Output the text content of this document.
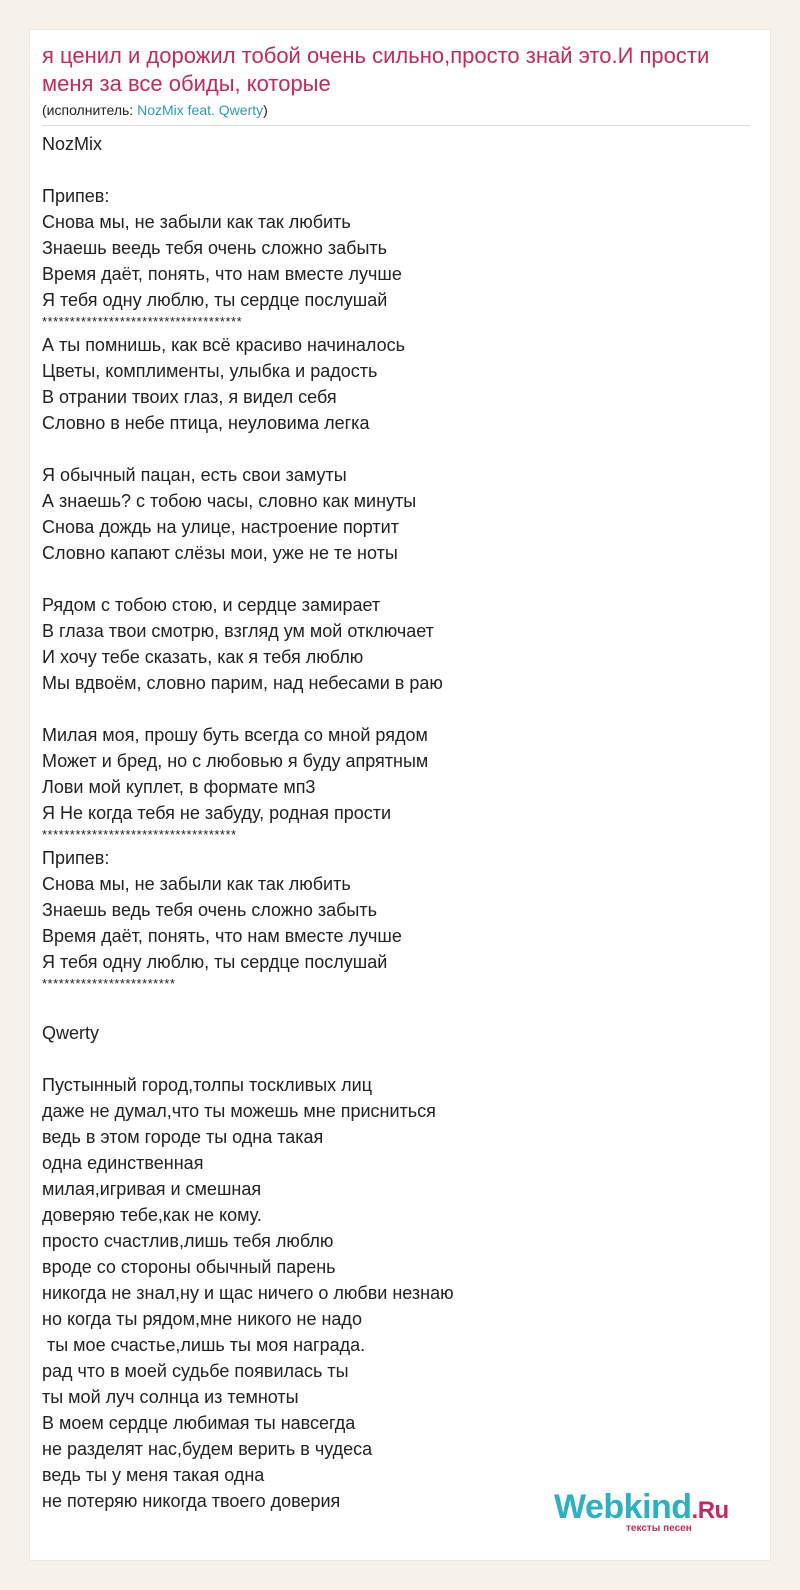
я ценил и дорожил тобой очень сильно,просто знай это.И прости меня за все обиды, которые
(исполнитель: NozMix feat. Qwerty)
NozMix
Припев:
Снова мы, не забыли как так любить
Знаешь веедь тебя очень сложно забыть
Время даёт, понять, что нам вместе лучше
Я тебя одну люблю, ты сердце послушай
************************************
А ты помнишь, как всё красиво начиналось
Цветы, комплименты, улыбка и радость
В отрании твоих глаз, я видел себя
Словно в небе птица, неуловима легка
Я обычный пацан, есть свои замуты
А знаешь? с тобою часы, словно как минуты
Снова дождь на улице, настроение портит
Словно капают слёзы мои, уже не те ноты
Рядом с тобою стою, и сердце замирает
В глаза твои смотрю, взгляд ум мой отключает
И хочу тебе сказать, как я тебя люблю
Мы вдвоём, словно парим, над небесами в раю
Милая моя, прошу буть всегда со мной рядом
Может и бред, но с любовью я буду апрятным
Лови мой куплет, в формате мп3
Я Не когда тебя не забуду, родная прости
***********************************
Припев:
Снова мы, не забыли как так любить
Знаешь ведь тебя очень сложно забыть
Время даёт, понять, что нам вместе лучше
Я тебя одну люблю, ты сердце послушай
************************
Qwerty
Пустынный город,толпы тоскливых лиц
даже не думал,что ты можешь мне присниться
ведь в этом городе ты одна такая
одна единственная
милая,игривая и смешная
доверяю тебе,как не кому.
просто счастлив,лишь тебя люблю
вроде со стороны обычный парень
никогда не знал,ну и щас ничего о любви незнаю
но когда ты рядом,мне никого не надо
ты мое счастье,лишь ты моя награда.
рад что в моей судьбе появилась ты
ты мой луч солнца из темноты
В моем сердце любимая ты навсегда
не разделят нас,будем верить в чудеса
ведь ты у меня такая одна
не потеряю никогда твоего доверия	Webkind.Ru
тексты песен
